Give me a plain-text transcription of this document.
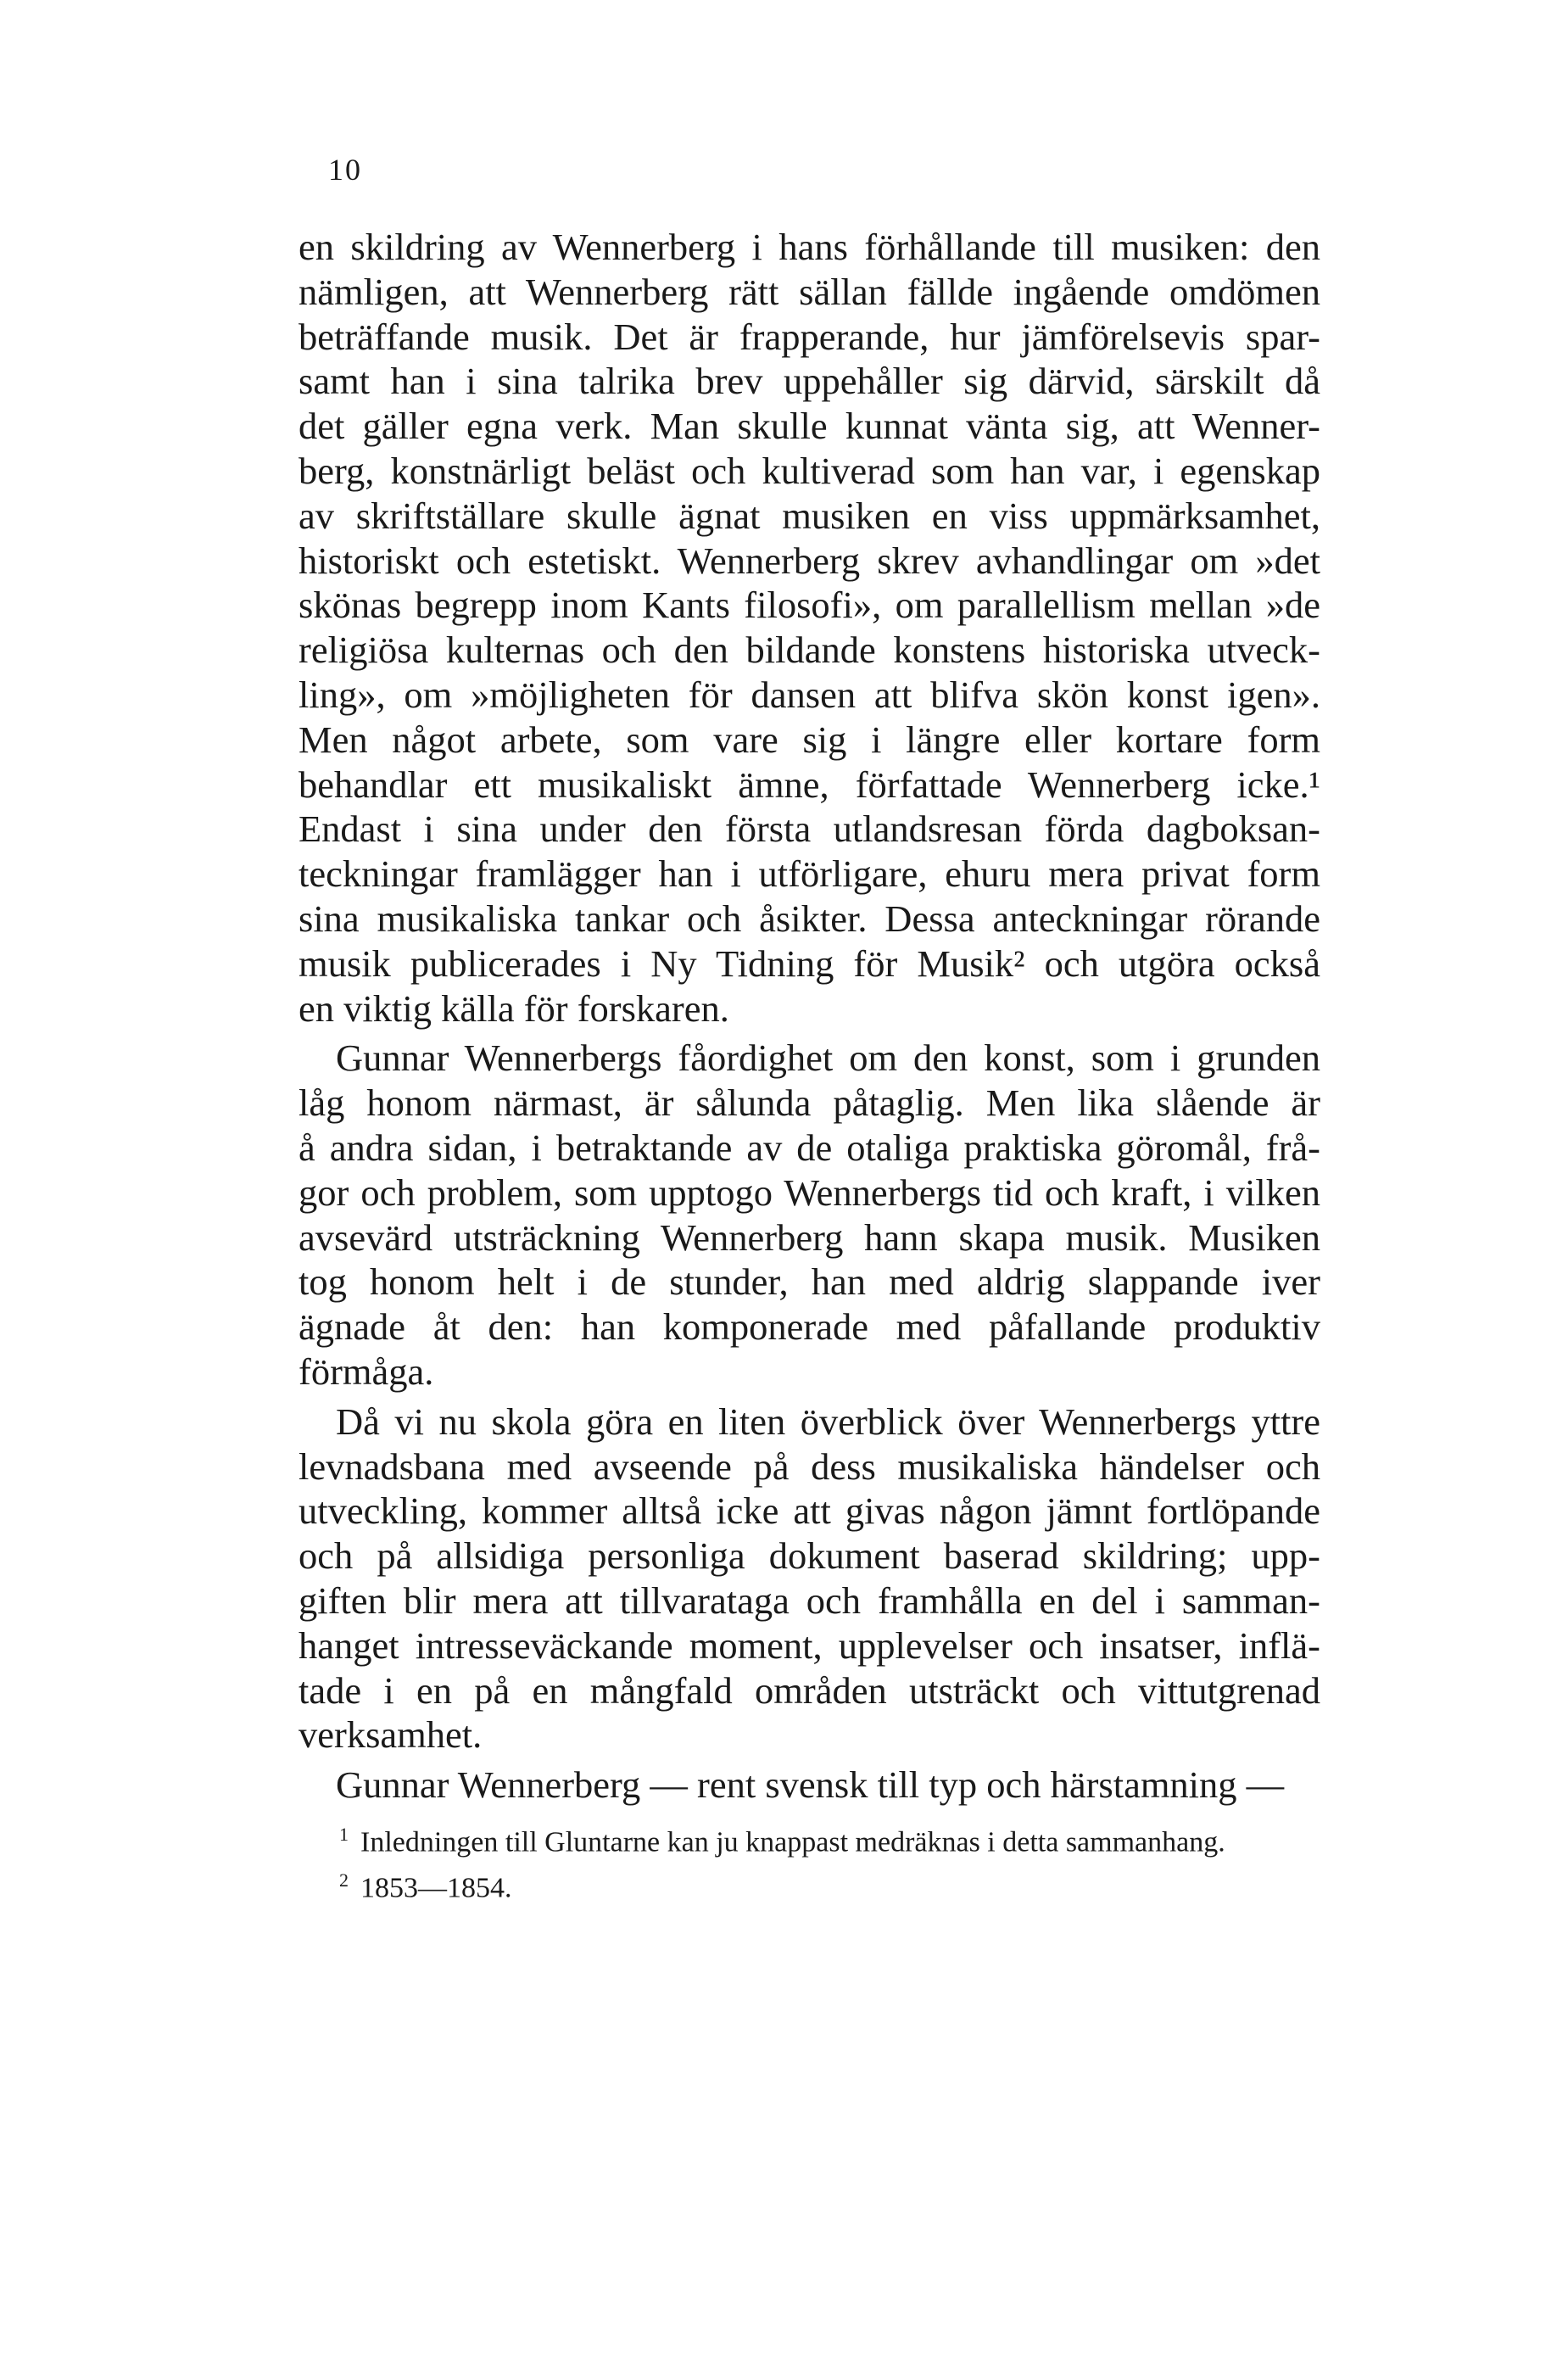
10
en skildring av Wennerberg i hans förhållande till musiken: den
nämligen, att Wennerberg rätt sällan fällde ingående omdömen
beträffande musik. Det är frapperande, hur jämförelsevis spar-
samt han i sina talrika brev uppehåller sig därvid, särskilt då
det gäller egna verk. Man skulle kunnat vänta sig, att Wenner-
berg, konstnärligt beläst och kultiverad som han var, i egenskap
av skriftställare skulle ägnat musiken en viss uppmärksamhet,
historiskt och estetiskt. Wennerberg skrev avhandlingar om »det
skönas begrepp inom Kants filosofi», om parallellism mellan »de
religiösa kulternas och den bildande konstens historiska utveck-
ling», om »möjligheten för dansen att blifva skön konst igen».
Men något arbete, som vare sig i längre eller kortare form
behandlar ett musikaliskt ämne, författade Wennerberg icke.¹
Endast i sina under den första utlandsresan förda dagboksan-
teckningar framlägger han i utförligare, ehuru mera privat form
sina musikaliska tankar och åsikter. Dessa anteckningar rörande
musik publicerades i Ny Tidning för Musik² och utgöra också
en viktig källa för forskaren.
Gunnar Wennerbergs fåordighet om den konst, som i grunden
låg honom närmast, är sålunda påtaglig. Men lika slående är
å andra sidan, i betraktande av de otaliga praktiska göromål, frå-
gor och problem, som upptogo Wennerbergs tid och kraft, i vilken
avsevärd utsträckning Wennerberg hann skapa musik. Musiken
tog honom helt i de stunder, han med aldrig slappande iver
ägnade åt den: han komponerade med påfallande produktiv
förmåga.
Då vi nu skola göra en liten överblick över Wennerbergs yttre
levnadsbana med avseende på dess musikaliska händelser och
utveckling, kommer alltså icke att givas någon jämnt fortlöpande
och på allsidiga personliga dokument baserad skildring; upp-
giften blir mera att tillvarataga och framhålla en del i samman-
hanget intresseväckande moment, upplevelser och insatser, inflä-
tade i en på en mångfald områden utsträckt och vittutgrenad
verksamhet.
Gunnar Wennerberg — rent svensk till typ och härstamning —
$^1$ Inledningen till Gluntarne kan ju knappast medräknas i detta sammanhang.
$^2$ 1853—1854.
